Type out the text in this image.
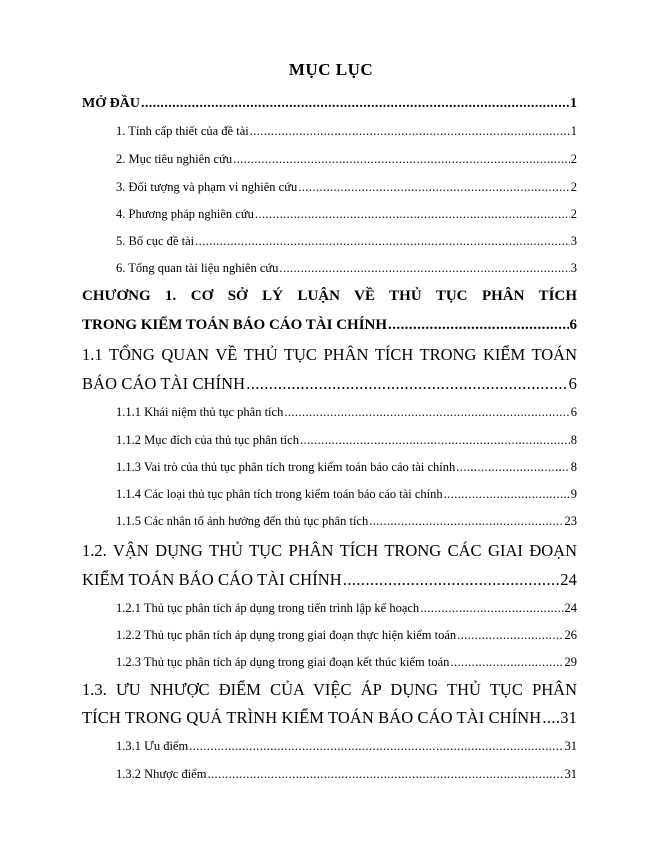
MỤC LỤC
MỞ ĐẦU .....	1
1. Tính cấp thiết của đề tài .....	1
2. Mục tiêu nghiên cứu .....	2
3. Đối tượng và phạm vi nghiên cứu .....	2
4. Phương pháp nghiên cứu .....	2
5. Bố cục đề tài .....	3
6. Tổng quan tài liệu nghiên cứu .....	3
CHƯƠNG 1. CƠ SỞ LÝ LUẬN VỀ THỦ TỤC PHÂN TÍCH
TRONG KIỂM TOÁN BÁO CÁO TÀI CHÍNH .....	6
1.1 TỔNG QUAN VỀ THỦ TỤC PHÂN TÍCH TRONG KIỂM TOÁN
BÁO CÁO TÀI CHÍNH .....	6
1.1.1 Khái niệm thủ tục phân tích .....	6
1.1.2 Mục đích của thủ tục phân tích .....	8
1.1.3 Vai trò của thủ tục phân tích trong kiểm toán báo cáo tài chính .....	8
1.1.4 Các loại thủ tục phân tích trong kiểm toán báo cáo tài chính .....	9
1.1.5 Các nhân tố ảnh hưởng đến thủ tục phân tích .....	23
1.2. VẬN DỤNG THỦ TỤC PHÂN TÍCH TRONG CÁC GIAI ĐOẠN
KIỂM TOÁN BÁO CÁO TÀI CHÍNH .....	24
1.2.1 Thủ tục phân tích áp dụng trong tiến trình lập kế hoạch .....	24
1.2.2 Thủ tục phân tích áp dụng trong giai đoạn thực hiện kiểm toán .....	26
1.2.3 Thủ tục phân tích áp dụng trong giai đoạn kết thúc kiểm toán .....	29
1.3. ƯU NHƯỢC ĐIỂM CỦA VIỆC ÁP DỤNG THỦ TỤC PHÂN
TÍCH TRONG QUÁ TRÌNH KIỂM TOÁN BÁO CÁO TÀI CHÍNH ..... 31
1.3.1 Ưu điểm .....	31
1.3.2 Nhược điểm .....	31
